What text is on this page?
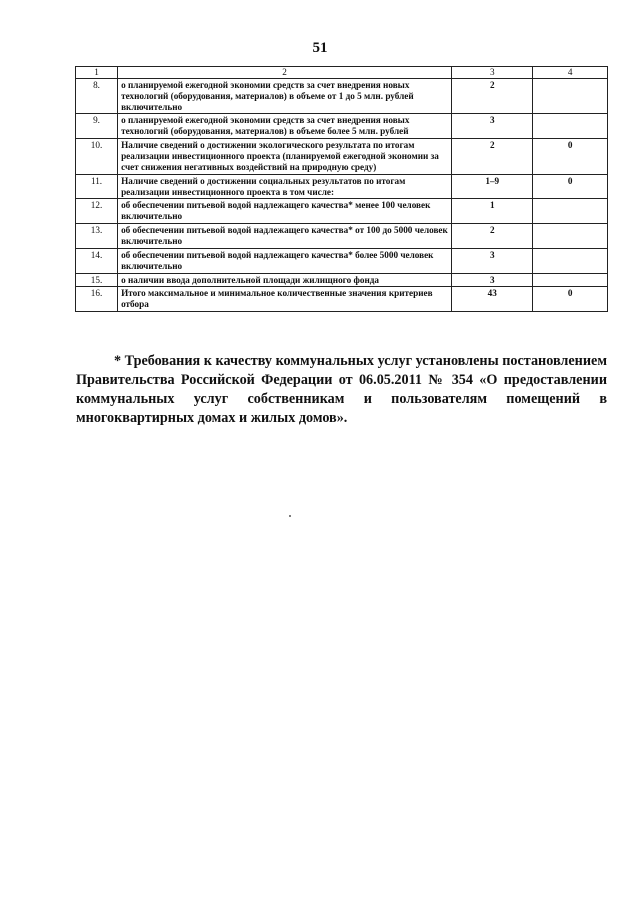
51
1	2	3	4
8.	о планируемой ежегодной экономии средств за счет внедрения новых технологий (оборудования, материалов) в объеме от 1 до 5 млн. рублей включительно	2	
9.	о планируемой ежегодной экономии средств за счет внедрения новых технологий (оборудования, материалов) в объеме более 5 млн. рублей	3	
10.	Наличие сведений о достижении экологического результата по итогам реализации инвестиционного проекта (планируемой ежегодной экономии за счет снижения негативных воздействий на природную среду)	2	0
11.	Наличие сведений о достижении социальных результатов по итогам реализации инвестиционного проекта в том числе:	1–9	0
12.	об обеспечении питьевой водой надлежащего качества* менее 100 человек включительно	1	
13.	об обеспечении питьевой водой надлежащего качества* от 100 до 5000 человек включительно	2	
14.	об обеспечении питьевой водой надлежащего качества* более 5000 человек включительно	3	
15.	о наличии ввода дополнительной площади жилищного фонда	3	
16.	Итого максимальное и минимальное количественные значения критериев отбора	43	0
* Требования к качеству коммунальных услуг установлены постановлением Правительства Российской Федерации от 06.05.2011 № 354 «О предоставлении коммунальных услуг собственникам и пользователям помещений в многоквартирных домах и жилых домов».
